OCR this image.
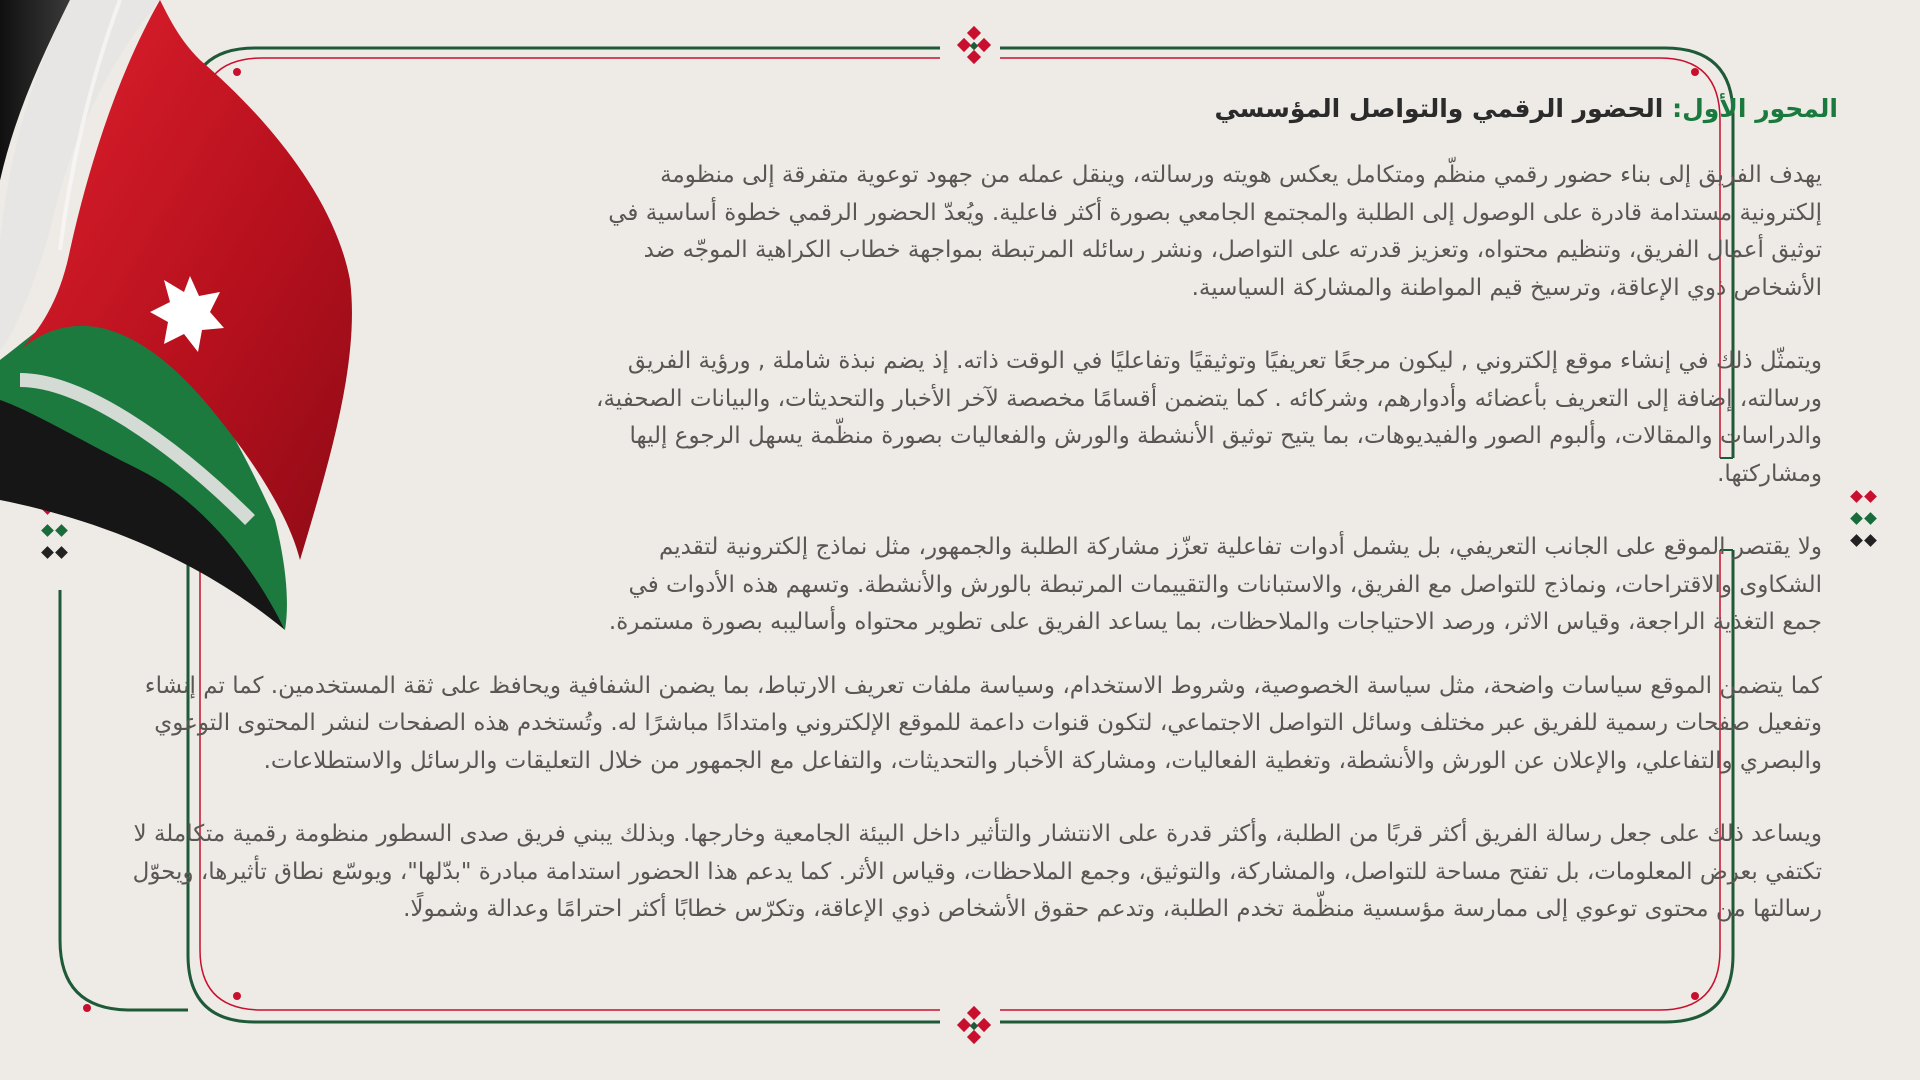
المحور الأول: الحضور الرقمي والتواصل المؤسسي

يهدف الفريق إلى بناء حضور رقمي منظّم ومتكامل يعكس هويته ورسالته، وينقل عمله من جهود توعوية متفرقة إلى منظومة إلكترونية مستدامة قادرة على الوصول إلى الطلبة والمجتمع الجامعي بصورة أكثر فاعلية. ويُعدّ الحضور الرقمي خطوة أساسية في توثيق أعمال الفريق، وتنظيم محتواه، وتعزيز قدرته على التواصل، ونشر رسائله المرتبطة بمواجهة خطاب الكراهية الموجّه ضد الأشخاص ذوي الإعاقة، وترسيخ قيم المواطنة والمشاركة السياسية.

ويتمثّل ذلك في إنشاء موقع إلكتروني , ليكون مرجعًا تعريفيًا وتوثيقيًا وتفاعليًا في الوقت ذاته. إذ يضم نبذة شاملة , ورؤية الفريق ورسالته، إضافة إلى التعريف بأعضائه وأدوارهم، وشركائه . كما يتضمن أقسامًا مخصصة لآخر الأخبار والتحديثات، والبيانات الصحفية، والدراسات والمقالات، وألبوم الصور والفيديوهات، بما يتيح توثيق الأنشطة والورش والفعاليات بصورة منظّمة يسهل الرجوع إليها ومشاركتها.

ولا يقتصر الموقع على الجانب التعريفي، بل يشمل أدوات تفاعلية تعزّز مشاركة الطلبة والجمهور، مثل نماذج إلكترونية لتقديم الشكاوى والاقتراحات، ونماذج للتواصل مع الفريق، والاستبانات والتقييمات المرتبطة بالورش والأنشطة. وتسهم هذه الأدوات في جمع التغذية الراجعة، وقياس الاثر، ورصد الاحتياجات والملاحظات، بما يساعد الفريق على تطوير محتواه وأساليبه بصورة مستمرة.

كما يتضمن الموقع سياسات واضحة، مثل سياسة الخصوصية، وشروط الاستخدام، وسياسة ملفات تعريف الارتباط، بما يضمن الشفافية ويحافظ على ثقة المستخدمين. كما تم إنشاء وتفعيل صفحات رسمية للفريق عبر مختلف وسائل التواصل الاجتماعي، لتكون قنوات داعمة للموقع الإلكتروني وامتدادًا مباشرًا له. وتُستخدم هذه الصفحات لنشر المحتوى التوعوي والبصري والتفاعلي، والإعلان عن الورش والأنشطة، وتغطية الفعاليات، ومشاركة الأخبار والتحديثات، والتفاعل مع الجمهور من خلال التعليقات والرسائل والاستطلاعات.

ويساعد ذلك على جعل رسالة الفريق أكثر قربًا من الطلبة، وأكثر قدرة على الانتشار والتأثير داخل البيئة الجامعية وخارجها. وبذلك يبني فريق صدى السطور منظومة رقمية متكاملة لا تكتفي بعرض المعلومات، بل تفتح مساحة للتواصل، والمشاركة، والتوثيق، وجمع الملاحظات، وقياس الأثر. كما يدعم هذا الحضور استدامة مبادرة "بدّلها"، ويوسّع نطاق تأثيرها، ويحوّل رسالتها من محتوى توعوي إلى ممارسة مؤسسية منظّمة تخدم الطلبة، وتدعم حقوق الأشخاص ذوي الإعاقة، وتكرّس خطابًا أكثر احترامًا وعدالة وشمولًا.
